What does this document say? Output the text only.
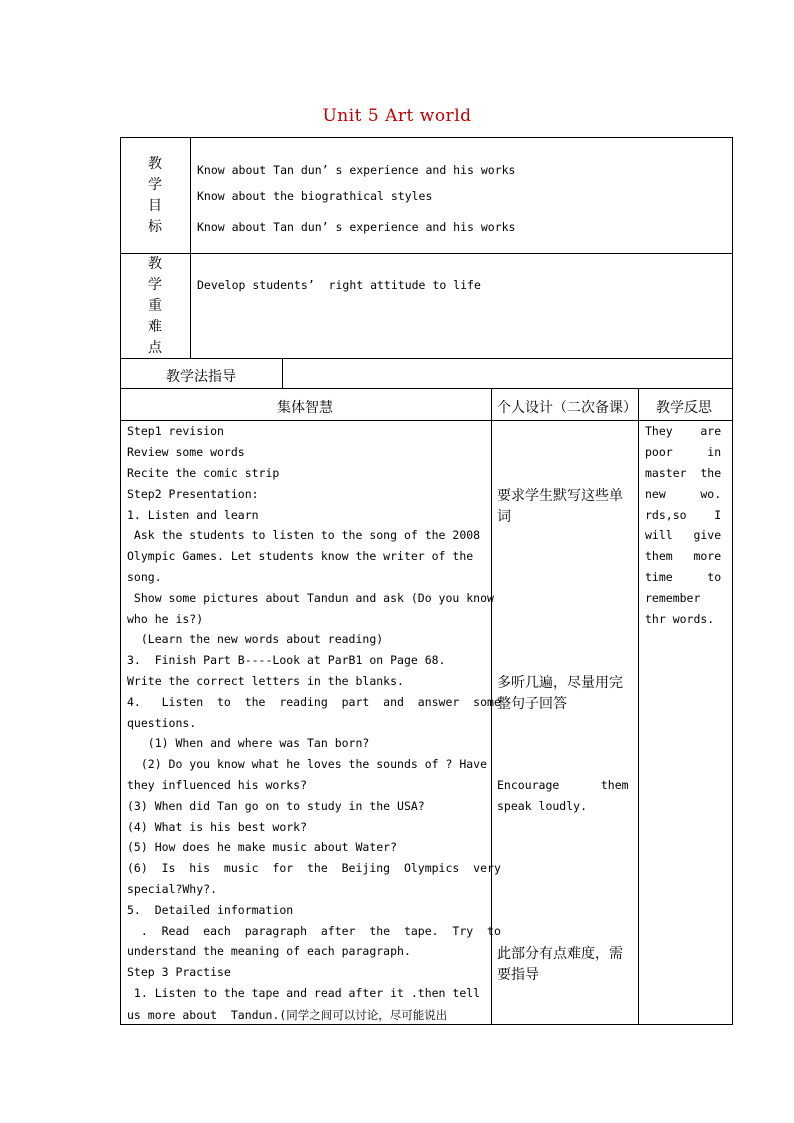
Unit 5 Art world
教
学
目
标
Know about Tan dun’ s experience and his works
Know about the biograthical styles
Know about Tan dun’ s experience and his works
教
学
重
难
点
Develop students’  right attitude to life
教学法指导
集体智慧	个人设计（二次备课） 教学反思
Step1 revision
Review some words
Recite the comic strip
Step2 Presentation:
1. Listen and learn
Ask the students to listen to the song of the 2008
Olympic Games. Let students know the writer of the
song.
Show some pictures about Tandun and ask (Do you know
who he is?)
(Learn the new words about reading)
3.  Finish Part B----Look at ParB1 on Page 68.
Write the correct letters in the blanks.
4.   Listen  to  the  reading  part  and  answer  some
questions.
(1) When and where was Tan born?
(2) Do you know what he loves the sounds of ? Have
they influenced his works?
(3) When did Tan go on to study in the USA?
(4) What is his best work?
(5) How does he make music about Water?
(6)  Is  his  music  for  the  Beijing  Olympics  very
special?Why?.
5.  Detailed information
.  Read  each  paragraph  after  the  tape.  Try  to
understand the meaning of each paragraph.
Step 3 Practise
1. Listen to the tape and read after it .then tell
us more about  Tandun.(同学之间可以讨论，尽可能说出
要求学生默写这些单
词
多听几遍，尽量用完
整句子回答
Encourage      them
speak loudly.
此部分有点难度，需
要指导
They    are
poor     in
master  the
new     wo.
rds,so    I
will   give
them   more
time     to
remember
thr words.
